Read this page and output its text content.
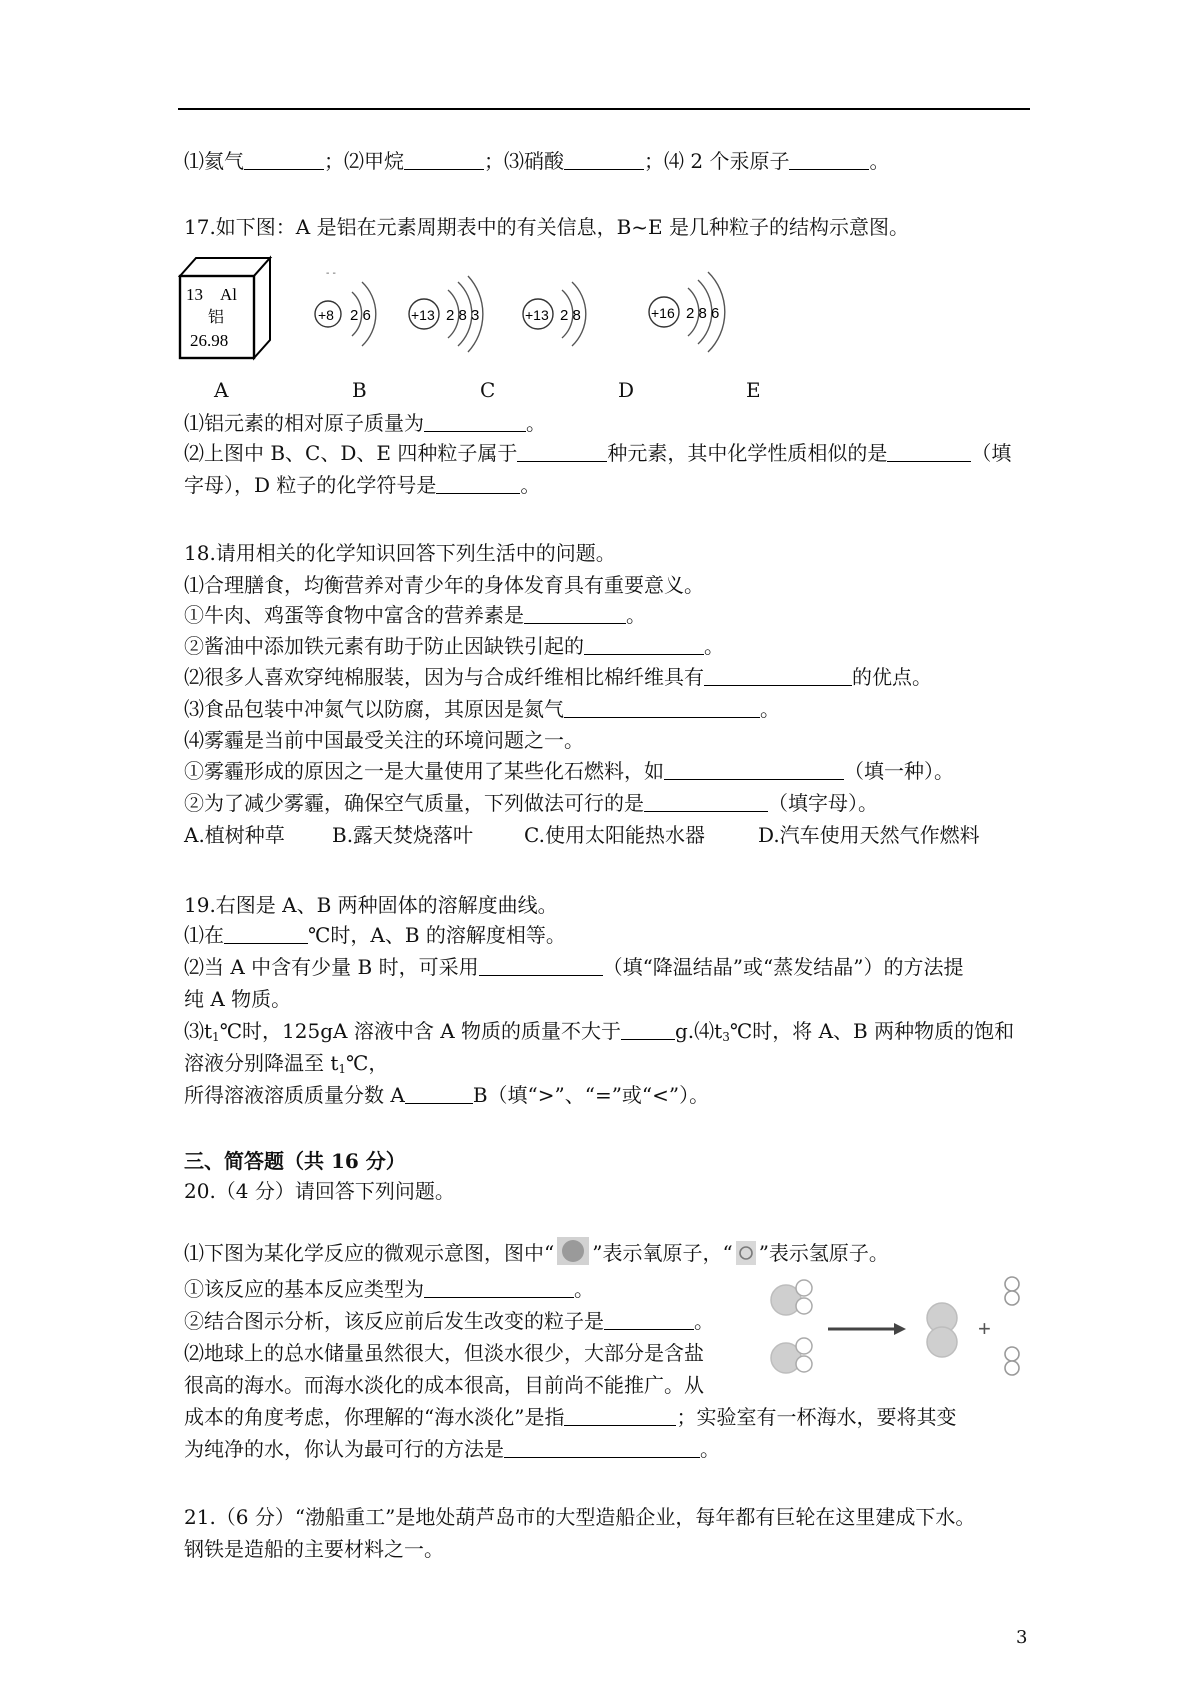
⑴氦气	；⑵甲烷	；⑶硝酸	；⑷ 2 个汞原子	。
17.如下图：A 是铝在元素周期表中的有关信息，B~E 是几种粒子的结构示意图。
13 Al
铝
26.98
+8 2 6
- -
+13 2 8 3	+13 2 8	+16 2 8 6
A	B	C	D	E
⑴铝元素的相对原子质量为	。
⑵上图中 B、C、D、E 四种粒子属于	种元素，其中化学性质相似的是	（填
字母），D 粒子的化学符号是	。
18.请用相关的化学知识回答下列生活中的问题。
⑴合理膳食，均衡营养对青少年的身体发育具有重要意义。
①牛肉、鸡蛋等食物中富含的营养素是	。
②酱油中添加铁元素有助于防止因缺铁引起的	。
⑵很多人喜欢穿纯棉服装，因为与合成纤维相比棉纤维具有	的优点。
⑶食品包装中冲氮气以防腐，其原因是氮气	。
⑷雾霾是当前中国最受关注的环境问题之一。
①雾霾形成的原因之一是大量使用了某些化石燃料，如	（填一种）。
②为了减少雾霾，确保空气质量，下列做法可行的是	（填字母）。
A.植树种草 B.露天焚烧落叶	C.使用太阳能热水器	D.汽车使用天然气作燃料
19.右图是 A、B 两种固体的溶解度曲线。
⑴在	℃时，A、B 的溶解度相等。
⑵当 A 中含有少量 B 时，可采用	（填“降温结晶”或“蒸发结晶”）的方法提
纯 A 物质。
$⑶t_1℃$时，125gA 溶液中含 A 物质的质量不大于	$g.⑷t_3℃$时，将 A、B 两种物质的饱和
溶液分别降温至 $t_1℃$，
所得溶液溶质质量分数 A	B（填“>”、“=”或“<”）。
三、简答题（共 16 分）
20.（4 分）请回答下列问题。
⑴下图为某化学反应的微观示意图，图中“ ”表示氧原子，“ ”表示氢原子。
①该反应的基本反应类型为	。
②结合图示分析，该反应前后发生改变的粒子是	。
⑵地球上的总水储量虽然很大，但淡水很少，大部分是含盐
很高的海水。而海水淡化的成本很高，目前尚不能推广。从
成本的角度考虑，你理解的“海水淡化”是指	；实验室有一杯海水，要将其变
为纯净的水，你认为最可行的方法是	。
+
21.（6 分）“渤船重工”是地处葫芦岛市的大型造船企业，每年都有巨轮在这里建成下水。
钢铁是造船的主要材料之一。
3
